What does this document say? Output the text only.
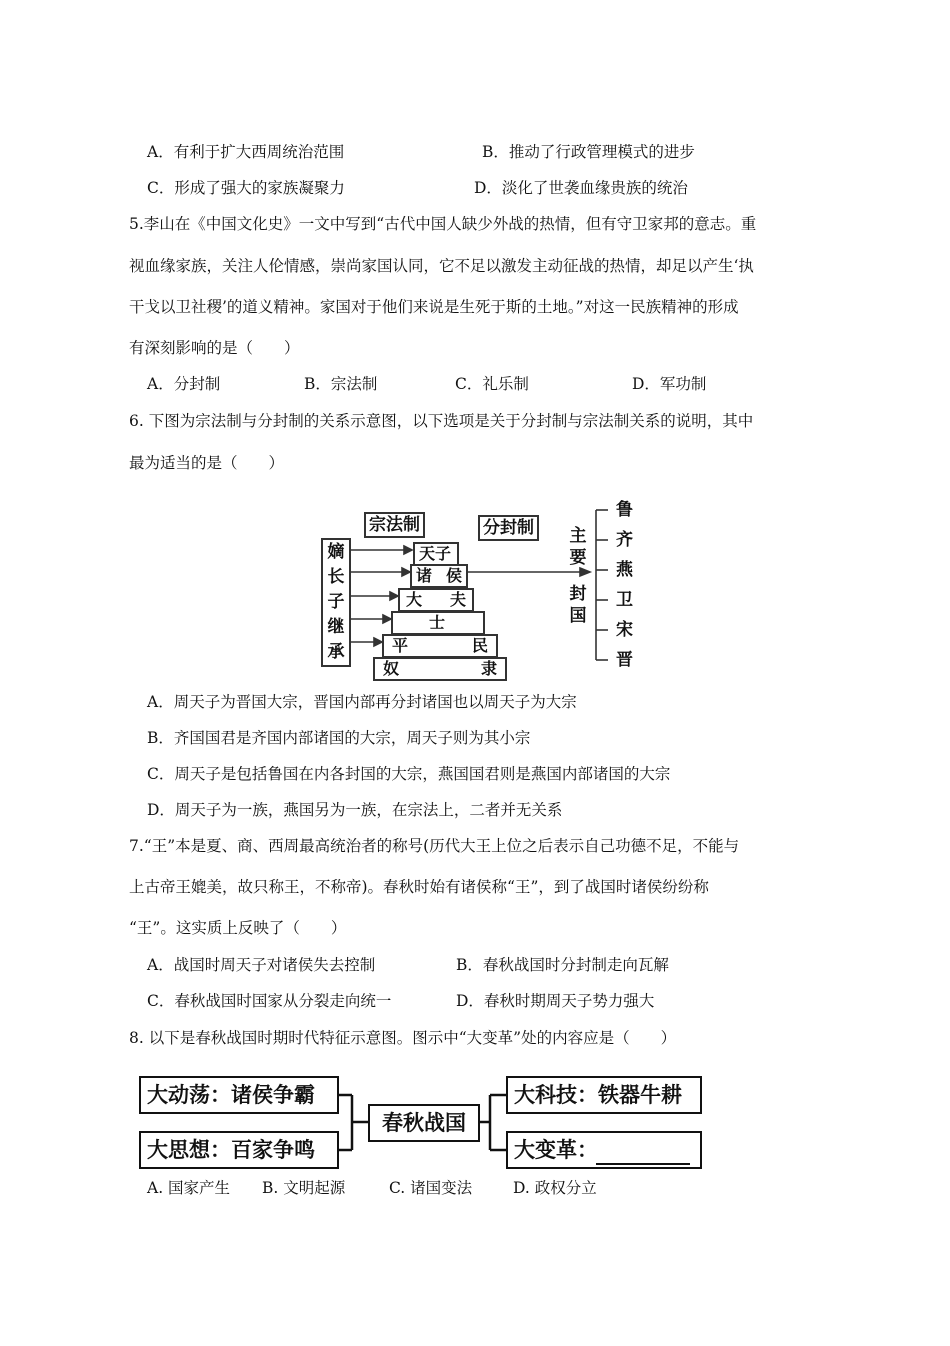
A．有利于扩大西周统治范围	B．推动了行政管理模式的进步
C．形成了强大的家族凝聚力	D．淡化了世袭血缘贵族的统治
5.李山在《中国文化史》一文中写到“古代中国人缺少外战的热情，但有守卫家邦的意志。重
视血缘家族，关注人伦情感，崇尚家国认同，它不足以激发主动征战的热情，却足以产生‘执
干戈以卫社稷’的道义精神。家国对于他们来说是生死于斯的土地。”对这一民族精神的形成
有深刻影响的是（　　）
A．分封制	B．宗法制	C．礼乐制	D．军功制
6. 下图为宗法制与分封制的关系示意图，以下选项是关于分封制与宗法制关系的说明，其中
最为适当的是（　　）
宗法制	分封制
嫡
长
子
继
承
天子
诸 侯
大 夫
士
平	民
奴	隶
主
要
封
国
鲁
齐
燕
卫
宋
晋
A．周天子为晋国大宗，晋国内部再分封诸国也以周天子为大宗
B．齐国国君是齐国内部诸国的大宗，周天子则为其小宗
C．周天子是包括鲁国在内各封国的大宗，燕国国君则是燕国内部诸国的大宗
D．周天子为一族，燕国另为一族，在宗法上，二者并无关系
7.“王”本是夏、商、西周最高统治者的称号(历代大王上位之后表示自己功德不足，不能与
上古帝王媲美，故只称王，不称帝)。春秋时始有诸侯称“王”，到了战国时诸侯纷纷称
“王”。这实质上反映了（　　）
A．战国时周天子对诸侯失去控制	B．春秋战国时分封制走向瓦解
C．春秋战国时国家从分裂走向统一	D．春秋时期周天子势力强大
8. 以下是春秋战国时期时代特征示意图。图示中“大变革”处的内容应是（　　）
大动荡：诸侯争霸
大思想：百家争鸣
春秋战国
大科技：铁器牛耕
大变革：
A. 国家产生 B. 文明起源	C. 诸国变法	D. 政权分立
